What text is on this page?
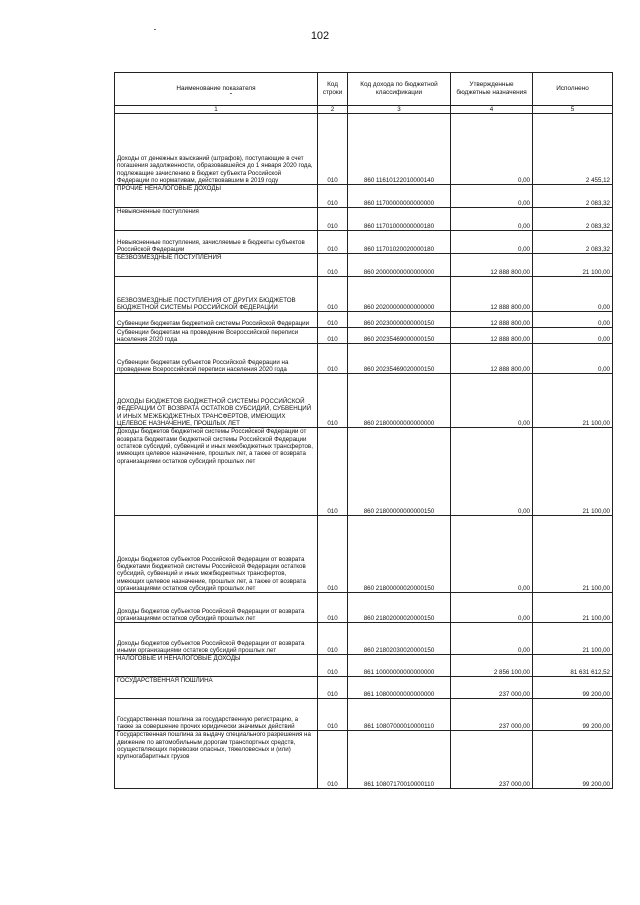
102
Наименование показателя	Код строки	Код дохода по бюджетной классификации	Утвержденные бюджетные назначения	Исполнено
1	2	3	4	5
Доходы от денежных взысканий (штрафов), поступающие в счет погашения задолженности, образовавшейся до 1 января 2020 года, подлежащие зачислению в бюджет субъекта Российской Федерации по нормативам, действовавшим в 2019 году	010	860 11610122010000140	0,00	2 455,12
ПРОЧИЕ НЕНАЛОГОВЫЕ ДОХОДЫ	010	860 11700000000000000	0,00	2 083,32
Невыясненные поступления	010	860 11701000000000180	0,00	2 083,32
Невыясненные поступления, зачисляемые в бюджеты субъектов Российской Федерации	010	860 11701020020000180	0,00	2 083,32
БЕЗВОЗМЕЗДНЫЕ ПОСТУПЛЕНИЯ	010	860 20000000000000000	12 888 800,00	21 100,00
БЕЗВОЗМЕЗДНЫЕ ПОСТУПЛЕНИЯ ОТ ДРУГИХ БЮДЖЕТОВ БЮДЖЕТНОЙ СИСТЕМЫ РОССИЙСКОЙ ФЕДЕРАЦИИ	010	860 20200000000000000	12 888 800,00	0,00
Субвенции бюджетам бюджетной системы Российской Федерации	010	860 20230000000000150	12 888 800,00	0,00
Субвенции бюджетам на проведение Всероссийской переписи населения 2020 года	010	860 20235469000000150	12 888 800,00	0,00
Субвенции бюджетам субъектов Российской Федерации на проведение Всероссийской переписи населения 2020 года	010	860 20235469020000150	12 888 800,00	0,00
ДОХОДЫ БЮДЖЕТОВ БЮДЖЕТНОЙ СИСТЕМЫ РОССИЙСКОЙ ФЕДЕРАЦИИ ОТ ВОЗВРАТА ОСТАТКОВ СУБСИДИЙ, СУБВЕНЦИЙ И ИНЫХ МЕЖБЮДЖЕТНЫХ ТРАНСФЕРТОВ, ИМЕЮЩИХ ЦЕЛЕВОЕ НАЗНАЧЕНИЕ, ПРОШЛЫХ ЛЕТ	010	860 21800000000000000	0,00	21 100,00
Доходы бюджетов бюджетной системы Российской Федерации от возврата бюджетами бюджетной системы Российской Федерации остатков субсидий, субвенций и иных межбюджетных трансфертов, имеющих целевое назначение, прошлых лет, а также от возврата организациями остатков субсидий прошлых лет	010	860 21800000000000150	0,00	21 100,00
Доходы бюджетов субъектов Российской Федерации от возврата бюджетами бюджетной системы Российской Федерации остатков субсидий, субвенций и иных межбюджетных трансфертов, имеющих целевое назначение, прошлых лет, а также от возврата организациями остатков субсидий прошлых лет	010	860 21800000020000150	0,00	21 100,00
Доходы бюджетов субъектов Российской Федерации от возврата организациями остатков субсидий прошлых лет	010	860 21802000020000150	0,00	21 100,00
Доходы бюджетов субъектов Российской Федерации от возврата иными организациями остатков субсидий прошлых лет	010	860 21802030020000150	0,00	21 100,00
НАЛОГОВЫЕ И НЕНАЛОГОВЫЕ ДОХОДЫ	010	861 10000000000000000	2 856 100,00	81 631 612,52
ГОСУДАРСТВЕННАЯ ПОШЛИНА	010	861 10800000000000000	237 000,00	99 200,00
Государственная пошлина за государственную регистрацию, а также за совершение прочих юридически значимых действий	010	861 10807000010000110	237 000,00	99 200,00
Государственная пошлина за выдачу специального разрешения на движение по автомобильным дорогам транспортных средств, осуществляющих перевозки опасных, тяжеловесных и (или) крупногабаритных грузов	010	861 10807170010000110	237 000,00	99 200,00
